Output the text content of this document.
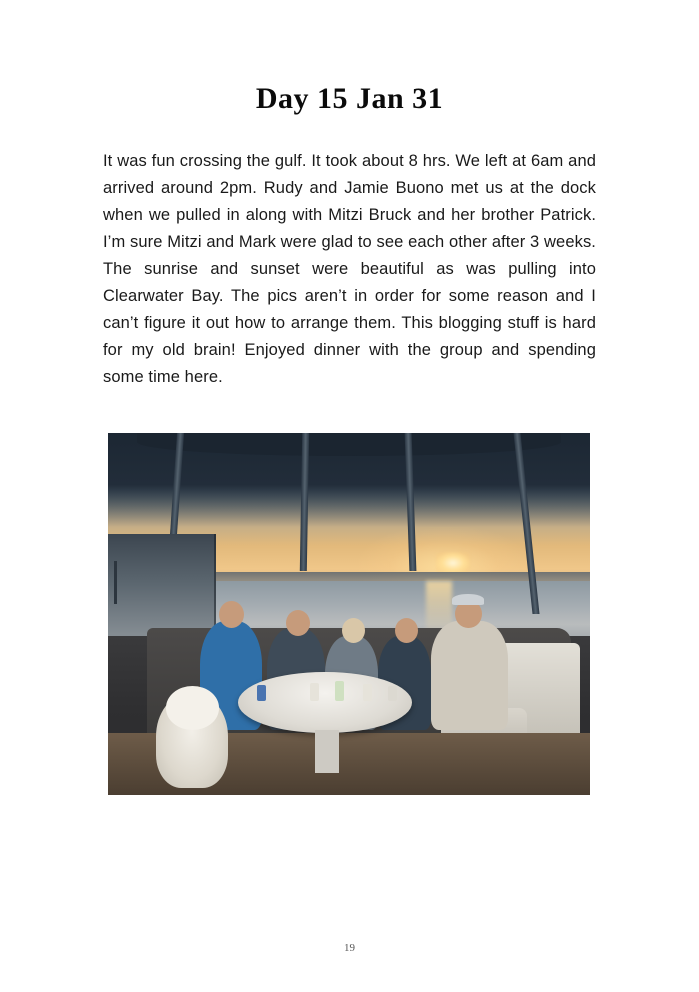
Day 15 Jan 31
It was fun crossing the gulf. It took about 8 hrs. We left at 6am and arrived around 2pm. Rudy and Jamie Buono met us at the dock when we pulled in along with Mitzi Bruck and her brother Patrick. I’m sure Mitzi and Mark were glad to see each other after 3 weeks. The sunrise and sunset were beautiful as was pulling into Clearwater Bay. The pics aren’t in order for some reason and I can’t figure it out how to arrange them. This blogging stuff is hard for my old brain! Enjoyed dinner with the group and spending some time here.
19
